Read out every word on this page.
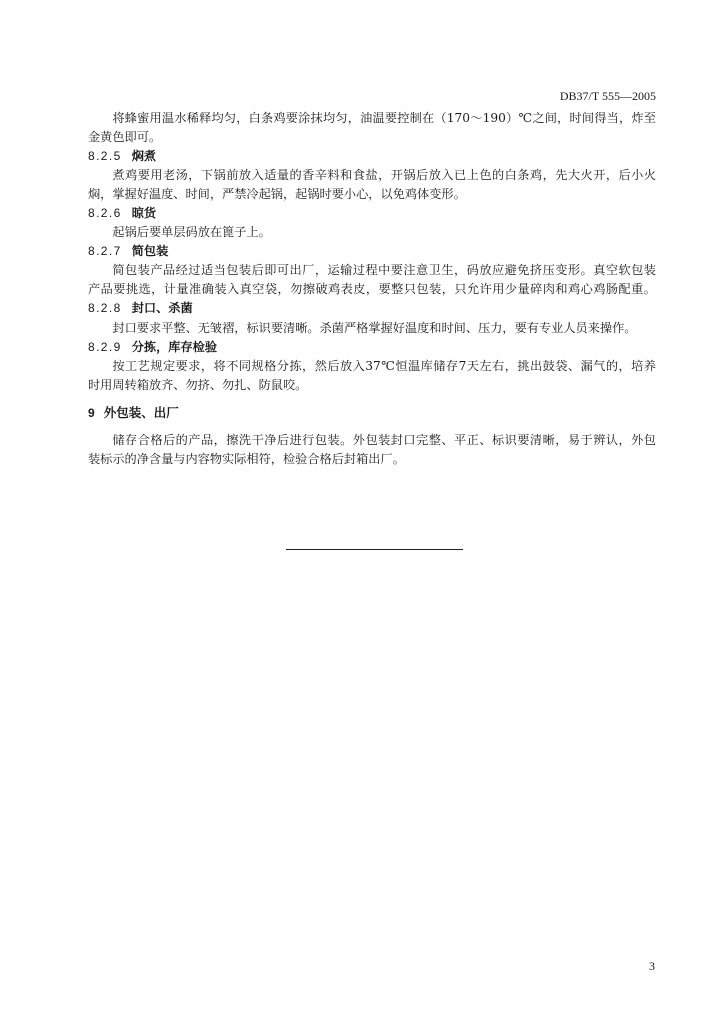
DB37/T 555—2005
将蜂蜜用温水稀释均匀，白条鸡要涂抹均匀，油温要控制在（170～190）℃之间，时间得当，炸至
金黄色即可。
8.2.5 焖煮
煮鸡要用老汤，下锅前放入适量的香辛料和食盐，开锅后放入已上色的白条鸡，先大火开，后小火
焖，掌握好温度、时间，严禁冷起锅，起锅时要小心，以免鸡体变形。
8.2.6 晾货
起锅后要单层码放在篦子上。
8.2.7 简包装
简包装产品经过适当包装后即可出厂，运输过程中要注意卫生，码放应避免挤压变形。真空软包装
产品要挑选，计量准确装入真空袋，勿擦破鸡表皮，要整只包装，只允许用少量碎肉和鸡心鸡肠配重。
8.2.8 封口、杀菌
封口要求平整、无皱褶，标识要清晰。杀菌严格掌握好温度和时间、压力，要有专业人员来操作。
8.2.9 分拣，库存检验
按工艺规定要求，将不同规格分拣，然后放入37℃恒温库储存7天左右，挑出鼓袋、漏气的，培养
时用周转箱放齐、勿挤、勿扎、防鼠咬。
9 外包装、出厂
储存合格后的产品，擦洗干净后进行包装。外包装封口完整、平正、标识要清晰，易于辨认，外包
装标示的净含量与内容物实际相符，检验合格后封箱出厂。
3
